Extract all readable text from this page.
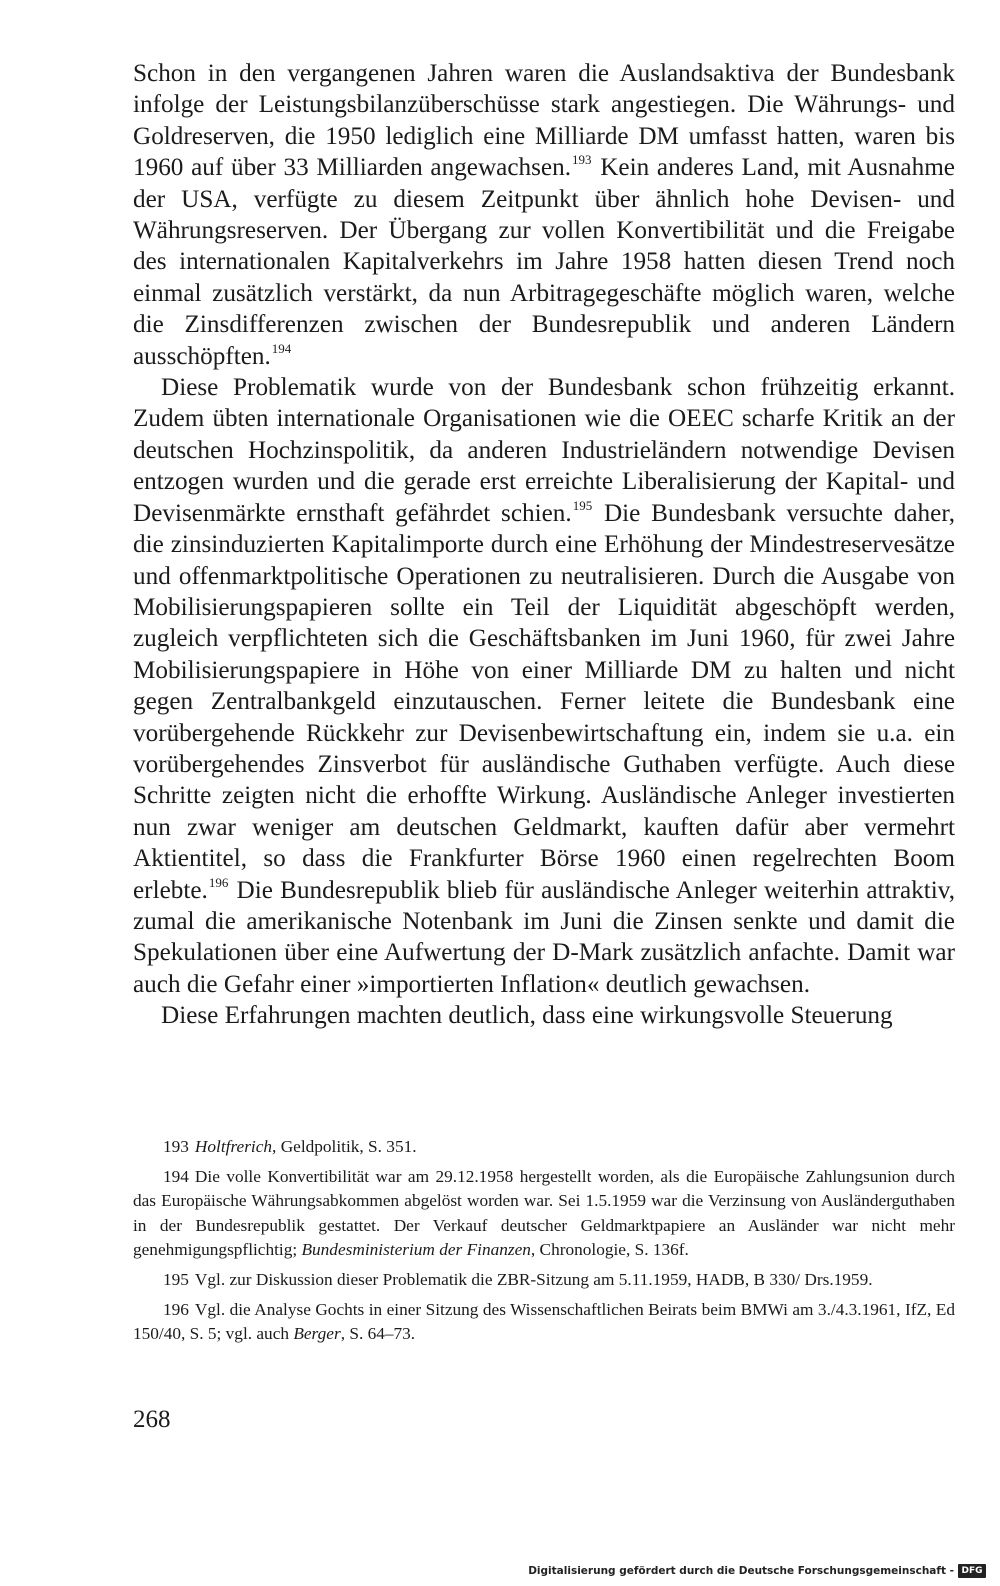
Schon in den vergangenen Jahren waren die Auslandsaktiva der Bundesbank infolge der Leistungsbilanzüberschüsse stark angestiegen. Die Währungs- und Goldreserven, die 1950 lediglich eine Milliarde DM umfasst hatten, waren bis 1960 auf über 33 Milliarden angewachsen.$^{193}$ Kein anderes Land, mit Ausnahme der USA, verfügte zu diesem Zeitpunkt über ähnlich hohe Devisen- und Währungsreserven. Der Übergang zur vollen Konvertibilität und die Freigabe des internationalen Kapitalverkehrs im Jahre 1958 hatten diesen Trend noch einmal zusätzlich verstärkt, da nun Arbitragegeschäfte möglich waren, welche die Zinsdifferenzen zwischen der Bundesrepublik und anderen Ländern ausschöpften.$^{194}$

Diese Problematik wurde von der Bundesbank schon frühzeitig erkannt. Zudem übten internationale Organisationen wie die OEEC scharfe Kritik an der deutschen Hochzinspolitik, da anderen Industrieländern notwendige Devisen entzogen wurden und die gerade erst erreichte Liberalisierung der Kapital- und Devisenmärkte ernsthaft gefährdet schien.$^{195}$ Die Bundesbank versuchte daher, die zinsinduzierten Kapitalimporte durch eine Erhöhung der Mindestreservesätze und offenmarktpolitische Operationen zu neutralisieren. Durch die Ausgabe von Mobilisierungspapieren sollte ein Teil der Liquidität abgeschöpft werden, zugleich verpflichteten sich die Geschäftsbanken im Juni 1960, für zwei Jahre Mobilisierungspapiere in Höhe von einer Milliarde DM zu halten und nicht gegen Zentralbankgeld einzutauschen. Ferner leitete die Bundesbank eine vorübergehende Rückkehr zur Devisenbewirtschaftung ein, indem sie u.a. ein vorübergehendes Zinsverbot für ausländische Guthaben verfügte. Auch diese Schritte zeigten nicht die erhoffte Wirkung. Ausländische Anleger investierten nun zwar weniger am deutschen Geldmarkt, kauften dafür aber vermehrt Aktientitel, so dass die Frankfurter Börse 1960 einen regelrechten Boom erlebte.$^{196}$ Die Bundesrepublik blieb für ausländische Anleger weiterhin attraktiv, zumal die amerikanische Notenbank im Juni die Zinsen senkte und damit die Spekulationen über eine Aufwertung der D-Mark zusätzlich anfachte. Damit war auch die Gefahr einer »importierten Inflation« deutlich gewachsen.

Diese Erfahrungen machten deutlich, dass eine wirkungsvolle Steuerung

193 Holtfrerich, Geldpolitik, S. 351.
194 Die volle Konvertibilität war am 29.12.1958 hergestellt worden, als die Europäische Zahlungsunion durch das Europäische Währungsabkommen abgelöst worden war. Sei 1.5.1959 war die Verzinsung von Ausländerguthaben in der Bundesrepublik gestattet. Der Verkauf deutscher Geldmarktpapiere an Ausländer war nicht mehr genehmigungspflichtig; Bundesministerium der Finanzen, Chronologie, S. 136f.
195 Vgl. zur Diskussion dieser Problematik die ZBR-Sitzung am 5.11.1959, HADB, B 330/ Drs.1959.
196 Vgl. die Analyse Gochts in einer Sitzung des Wissenschaftlichen Beirats beim BMWi am 3./4.3.1961, IfZ, Ed 150/40, S. 5; vgl. auch Berger, S. 64–73.
268
Digitalisierung gefördert durch die Deutsche Forschungsgemeinschaft - DFG
